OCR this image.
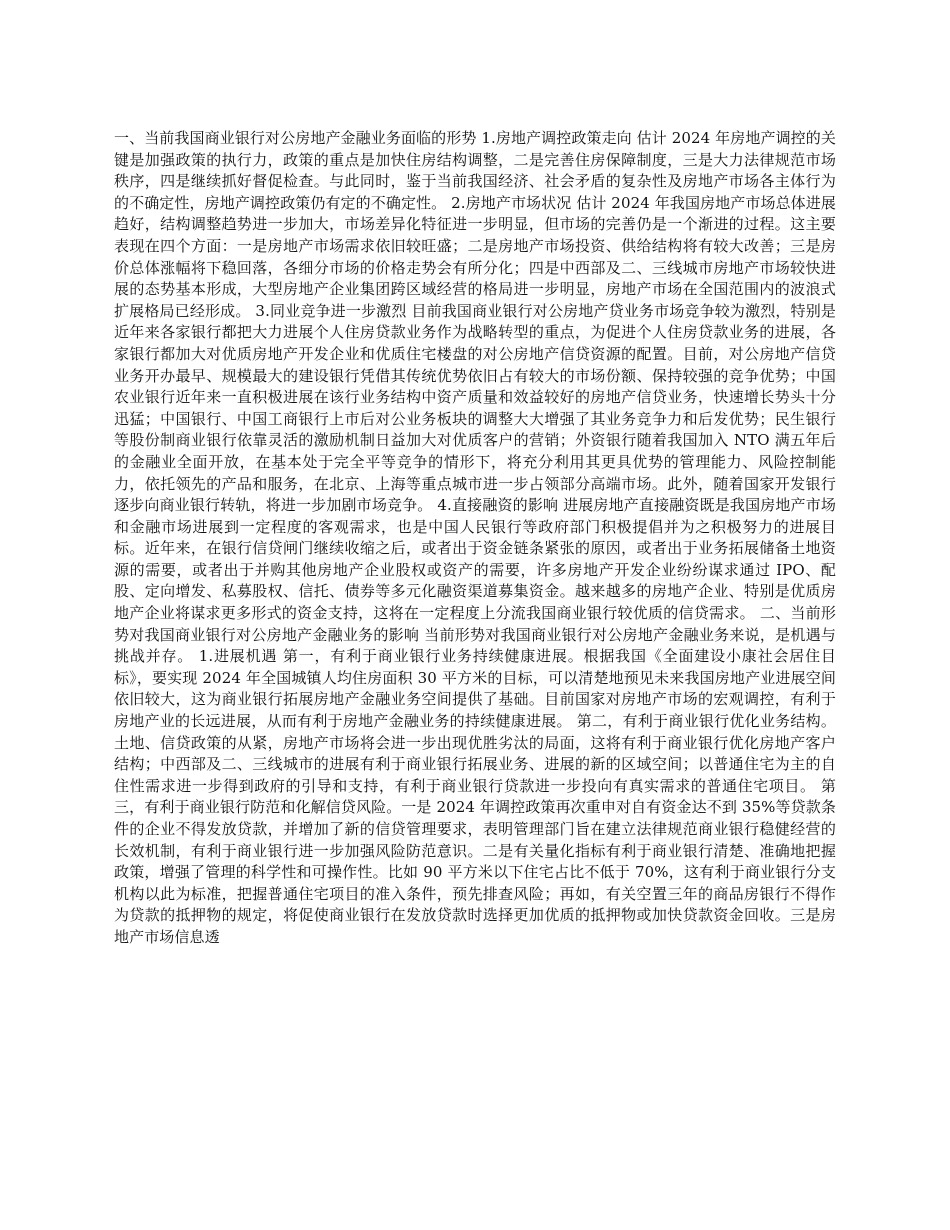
一、当前我国商业银行对公房地产金融业务面临的形势 1.房地产调控政策走向 估计 2024 年房地产调控的关键是加强政策的执行力，政策的重点是加快住房结构调整，二是完善住房保障制度，三是大力法律规范市场秩序，四是继续抓好督促检查。与此同时，鉴于当前我国经济、社会矛盾的复杂性及房地产市场各主体行为的不确定性，房地产调控政策仍有定的不确定性。 2.房地产市场状况 估计 2024 年我国房地产市场总体进展趋好，结构调整趋势进一步加大，市场差异化特征进一步明显，但市场的完善仍是一个渐进的过程。这主要表现在四个方面：一是房地产市场需求依旧较旺盛；二是房地产市场投资、供给结构将有较大改善；三是房价总体涨幅将下稳回落，各细分市场的价格走势会有所分化；四是中西部及二、三线城市房地产市场较快进展的态势基本形成，大型房地产企业集团跨区域经营的格局进一步明显，房地产市场在全国范围内的波浪式扩展格局已经形成。 3.同业竞争进一步激烈 目前我国商业银行对公房地产贷业务市场竞争较为激烈，特别是近年来各家银行都把大力进展个人住房贷款业务作为战略转型的重点，为促进个人住房贷款业务的进展，各家银行都加大对优质房地产开发企业和优质住宅楼盘的对公房地产信贷资源的配置。目前，对公房地产信贷业务开办最早、规模最大的建设银行凭借其传统优势依旧占有较大的市场份额、保持较强的竞争优势；中国农业银行近年来一直积极进展在该行业务结构中资产质量和效益较好的房地产信贷业务，快速增长势头十分迅猛；中国银行、中国工商银行上市后对公业务板块的调整大大增强了其业务竞争力和后发优势；民生银行等股份制商业银行依靠灵活的激励机制日益加大对优质客户的营销；外资银行随着我国加入 NTO 满五年后的金融业全面开放，在基本处于完全平等竞争的情形下，将充分利用其更具优势的管理能力、风险控制能力，依托领先的产品和服务，在北京、上海等重点城市进一步占领部分高端市场。此外，随着国家开发银行逐步向商业银行转轨，将进一步加剧市场竞争。 4.直接融资的影响 进展房地产直接融资既是我国房地产市场和金融市场进展到一定程度的客观需求，也是中国人民银行等政府部门积极提倡并为之积极努力的进展目标。近年来，在银行信贷闸门继续收缩之后，或者出于资金链条紧张的原因，或者出于业务拓展储备土地资源的需要，或者出于并购其他房地产企业股权或资产的需要，许多房地产开发企业纷纷谋求通过 IPO、配股、定向增发、私募股权、信托、债券等多元化融资渠道募集资金。越来越多的房地产企业、特别是优质房地产企业将谋求更多形式的资金支持，这将在一定程度上分流我国商业银行较优质的信贷需求。 二、当前形势对我国商业银行对公房地产金融业务的影响 当前形势对我国商业银行对公房地产金融业务来说，是机遇与挑战并存。 1.进展机遇 第一，有利于商业银行业务持续健康进展。根据我国《全面建设小康社会居住目标》，要实现 2024 年全国城镇人均住房面积 30 平方米的目标，可以清楚地预见未来我国房地产业进展空间依旧较大，这为商业银行拓展房地产金融业务空间提供了基础。目前国家对房地产市场的宏观调控，有利于房地产业的长远进展，从而有利于房地产金融业务的持续健康进展。 第二，有利于商业银行优化业务结构。土地、信贷政策的从紧，房地产市场将会进一步出现优胜劣汰的局面，这将有利于商业银行优化房地产客户结构；中西部及二、三线城市的进展有利于商业银行拓展业务、进展的新的区域空间；以普通住宅为主的自住性需求进一步得到政府的引导和支持，有利于商业银行贷款进一步投向有真实需求的普通住宅项目。 第三，有利于商业银行防范和化解信贷风险。一是 2024 年调控政策再次重申对自有资金达不到 35%等贷款条件的企业不得发放贷款，并增加了新的信贷管理要求，表明管理部门旨在建立法律规范商业银行稳健经营的长效机制，有利于商业银行进一步加强风险防范意识。二是有关量化指标有利于商业银行清楚、准确地把握政策，增强了管理的科学性和可操作性。比如 90 平方米以下住宅占比不低于 70%，这有利于商业银行分支机构以此为标准，把握普通住宅项目的准入条件，预先排查风险；再如，有关空置三年的商品房银行不得作为贷款的抵押物的规定，将促使商业银行在发放贷款时选择更加优质的抵押物或加快贷款资金回收。三是房地产市场信息透
